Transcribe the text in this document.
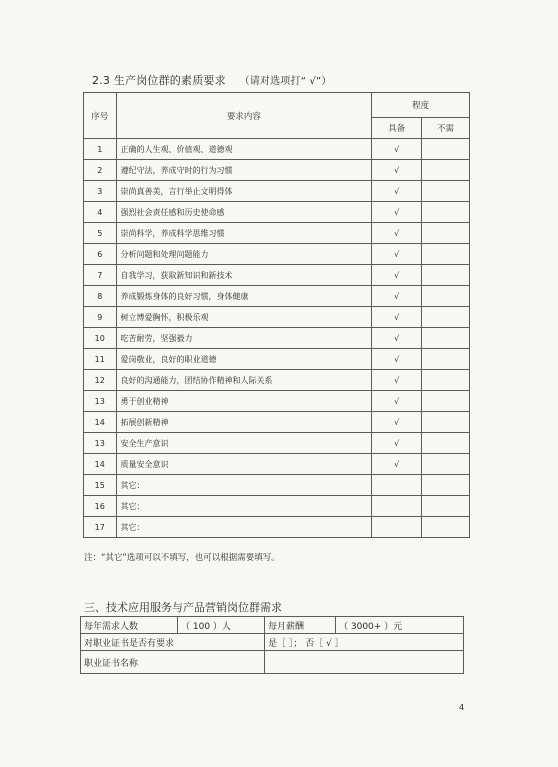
2.3 生产岗位群的素质要求 （请对选项打“ √”）
序号	要求内容	程度	
		具备	不需
1	正确的人生观、价值观、道德观	√	
2	遵纪守法，养成守时的行为习惯	√	
3	崇尚真善美，言行举止文明得体	√	
4	强烈社会责任感和历史使命感	√	
5	崇尚科学，养成科学思维习惯	√	
6	分析问题和处理问题能力	√	
7	自我学习，获取新知识和新技术	√	
8	养成锻炼身体的良好习惯，身体健康	√	
9	树立博爱胸怀，积极乐观	√	
10	吃苦耐劳，坚强毅力	√	
11	爱岗敬业，良好的职业道德	√	
12	良好的沟通能力，团结协作精神和人际关系	√	
13	勇于创业精神	√	
14	拓展创新精神	√	
13	安全生产意识	√	
14	质量安全意识	√	
15	其它：		
16	其它：		
17	其它：		
注：“其它”选项可以不填写，也可以根据需要填写。
三、技术应用服务与产品营销岗位群需求
每年需求人数	（ 100 ）人	每月薪酬	（ 3000+ ）元
对职业证书是否有要求		是［ ］； 否［ √ ］	
职业证书名称			
4
